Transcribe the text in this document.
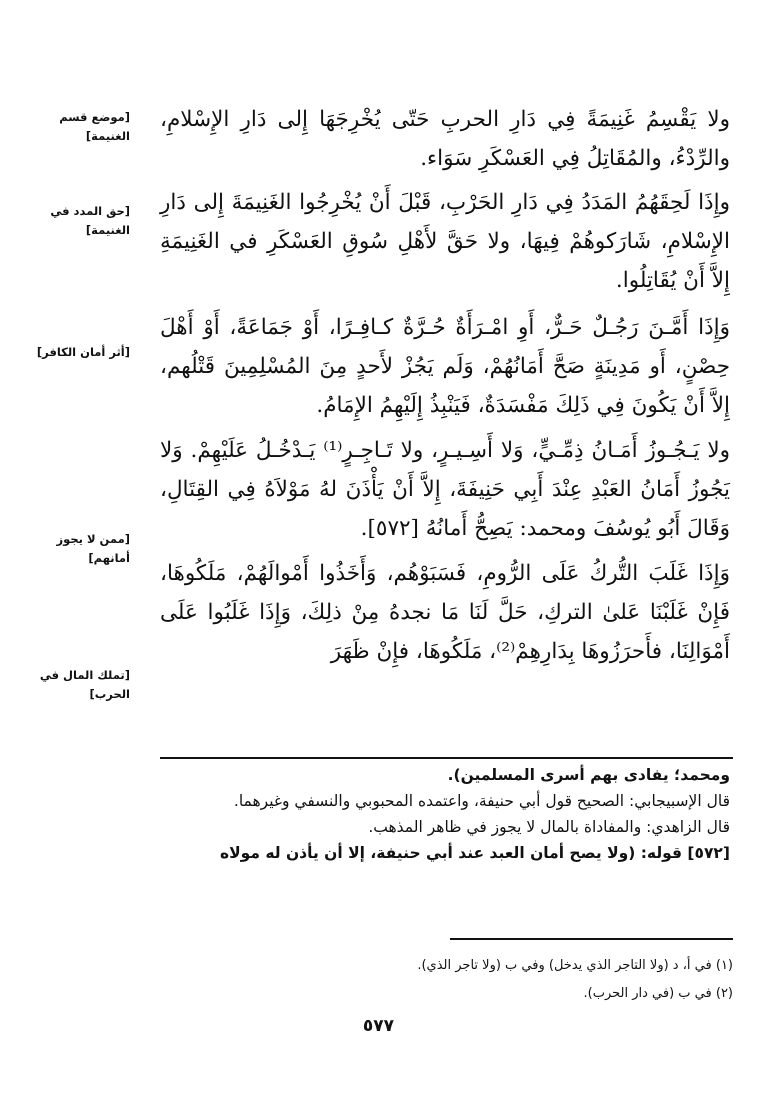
[موضع قسم الغنيمة]
[حق المدد في الغنيمة]
[أثر أمان الكافر]
[ممن لا يجوز أمانهم]
[تملك المال في الحرب]

ولا يَقْسِمُ غَنِيمَةً فِي دَارِ الحربِ حَتّى يُخْرِجَهَا إِلى دَارِ الإِسْلامِ، والرِّدْءُ، والمُقَاتِلُ فِي العَسْكَرِ سَوَاء.

وإِذَا لَحِقَهُمُ المَدَدُ فِي دَارِ الحَرْبِ، قَبْلَ أَنْ يُخْرِجُوا الغَنِيمَةَ إِلى دَارِ الإِسْلامِ، شَارَكوهُمْ فِيهَا، ولا حَقَّ لأَهْلِ سُوقِ العَسْكَرِ في الغَنِيمَةِ إِلاَّ أَنْ يُقَاتِلُوا.

وَإِذَا أَمَّـنَ رَجُـلٌ حَـرٌّ، أَوِ امْـرَأَةٌ حُـرَّةٌ كـافِـرًا، أَوْ جَمَاعَةً، أَوْ أَهْلَ حِصْنٍ، أَو مَدِينَةٍ صَحَّ أَمَانُهُمْ، وَلَم يَجُزْ لأَحدٍ مِنَ المُسْلِمِينَ قَتْلُهم، إِلاَّ أَنْ يَكُونَ فِي ذَلِكَ مَفْسَدَةٌ، فَيَنْبِذُ إِلَيْهِمُ الإِمَامُ.

ولا يَـجُـوزُ أَمَـانُ ذِمِّـيٍّ، وَلا أَسِـيـرٍ، ولا تَـاجِـرٍ⁽¹⁾ يَـدْخُـلُ عَلَيْهِمْ. وَلا يَجُوزُ أَمَانُ العَبْدِ عِنْدَ أَبِي حَنِيفَةَ، إِلاَّ أَنْ يَأْذَنَ لهُ مَوْلاَهُ فِي القِتَالِ، وَقَالَ أَبُو يُوسُفَ ومحمد: يَصِحُّ أَمانُهُ [٥٧٢].

وَإِذَا غَلَبَ التُّركُ عَلَى الرُّومِ، فَسَبَوْهُم، وَأَخَذُوا أَمْوالَهُمْ، مَلَكُوهَا، فَإِنْ غَلَبْنَا عَلىٰ التركِ، حَلَّ لَنَا مَا نجدهُ مِنْ ذلِكَ، وَإِذَا غَلَبُوا عَلَى أَمْوَالِنَا، فأَحرَزُوهَا بِدَارِهِمْ⁽²⁾، مَلَكُوهَا، فإِنْ ظَهَرَ

ومحمد؛ يفادى بهم أسرى المسلمين).

قال الإسبيجابي: الصحيح قول أبي حنيفة، واعتمده المحبوبي والنسفي وغيرهما.

قال الزاهدي: والمفاداة بالمال لا يجوز في ظاهر المذهب.

[٥٧٢] قوله: (ولا يصح أمان العبد عند أبي حنيفة، إلا أن يأذن له مولاه

(١) في أ، د (ولا التاجر الذي يدخل) وفي ب (ولا تاجر الذي).
(٢) في ب (في دار الحرب).
٥٧٧
